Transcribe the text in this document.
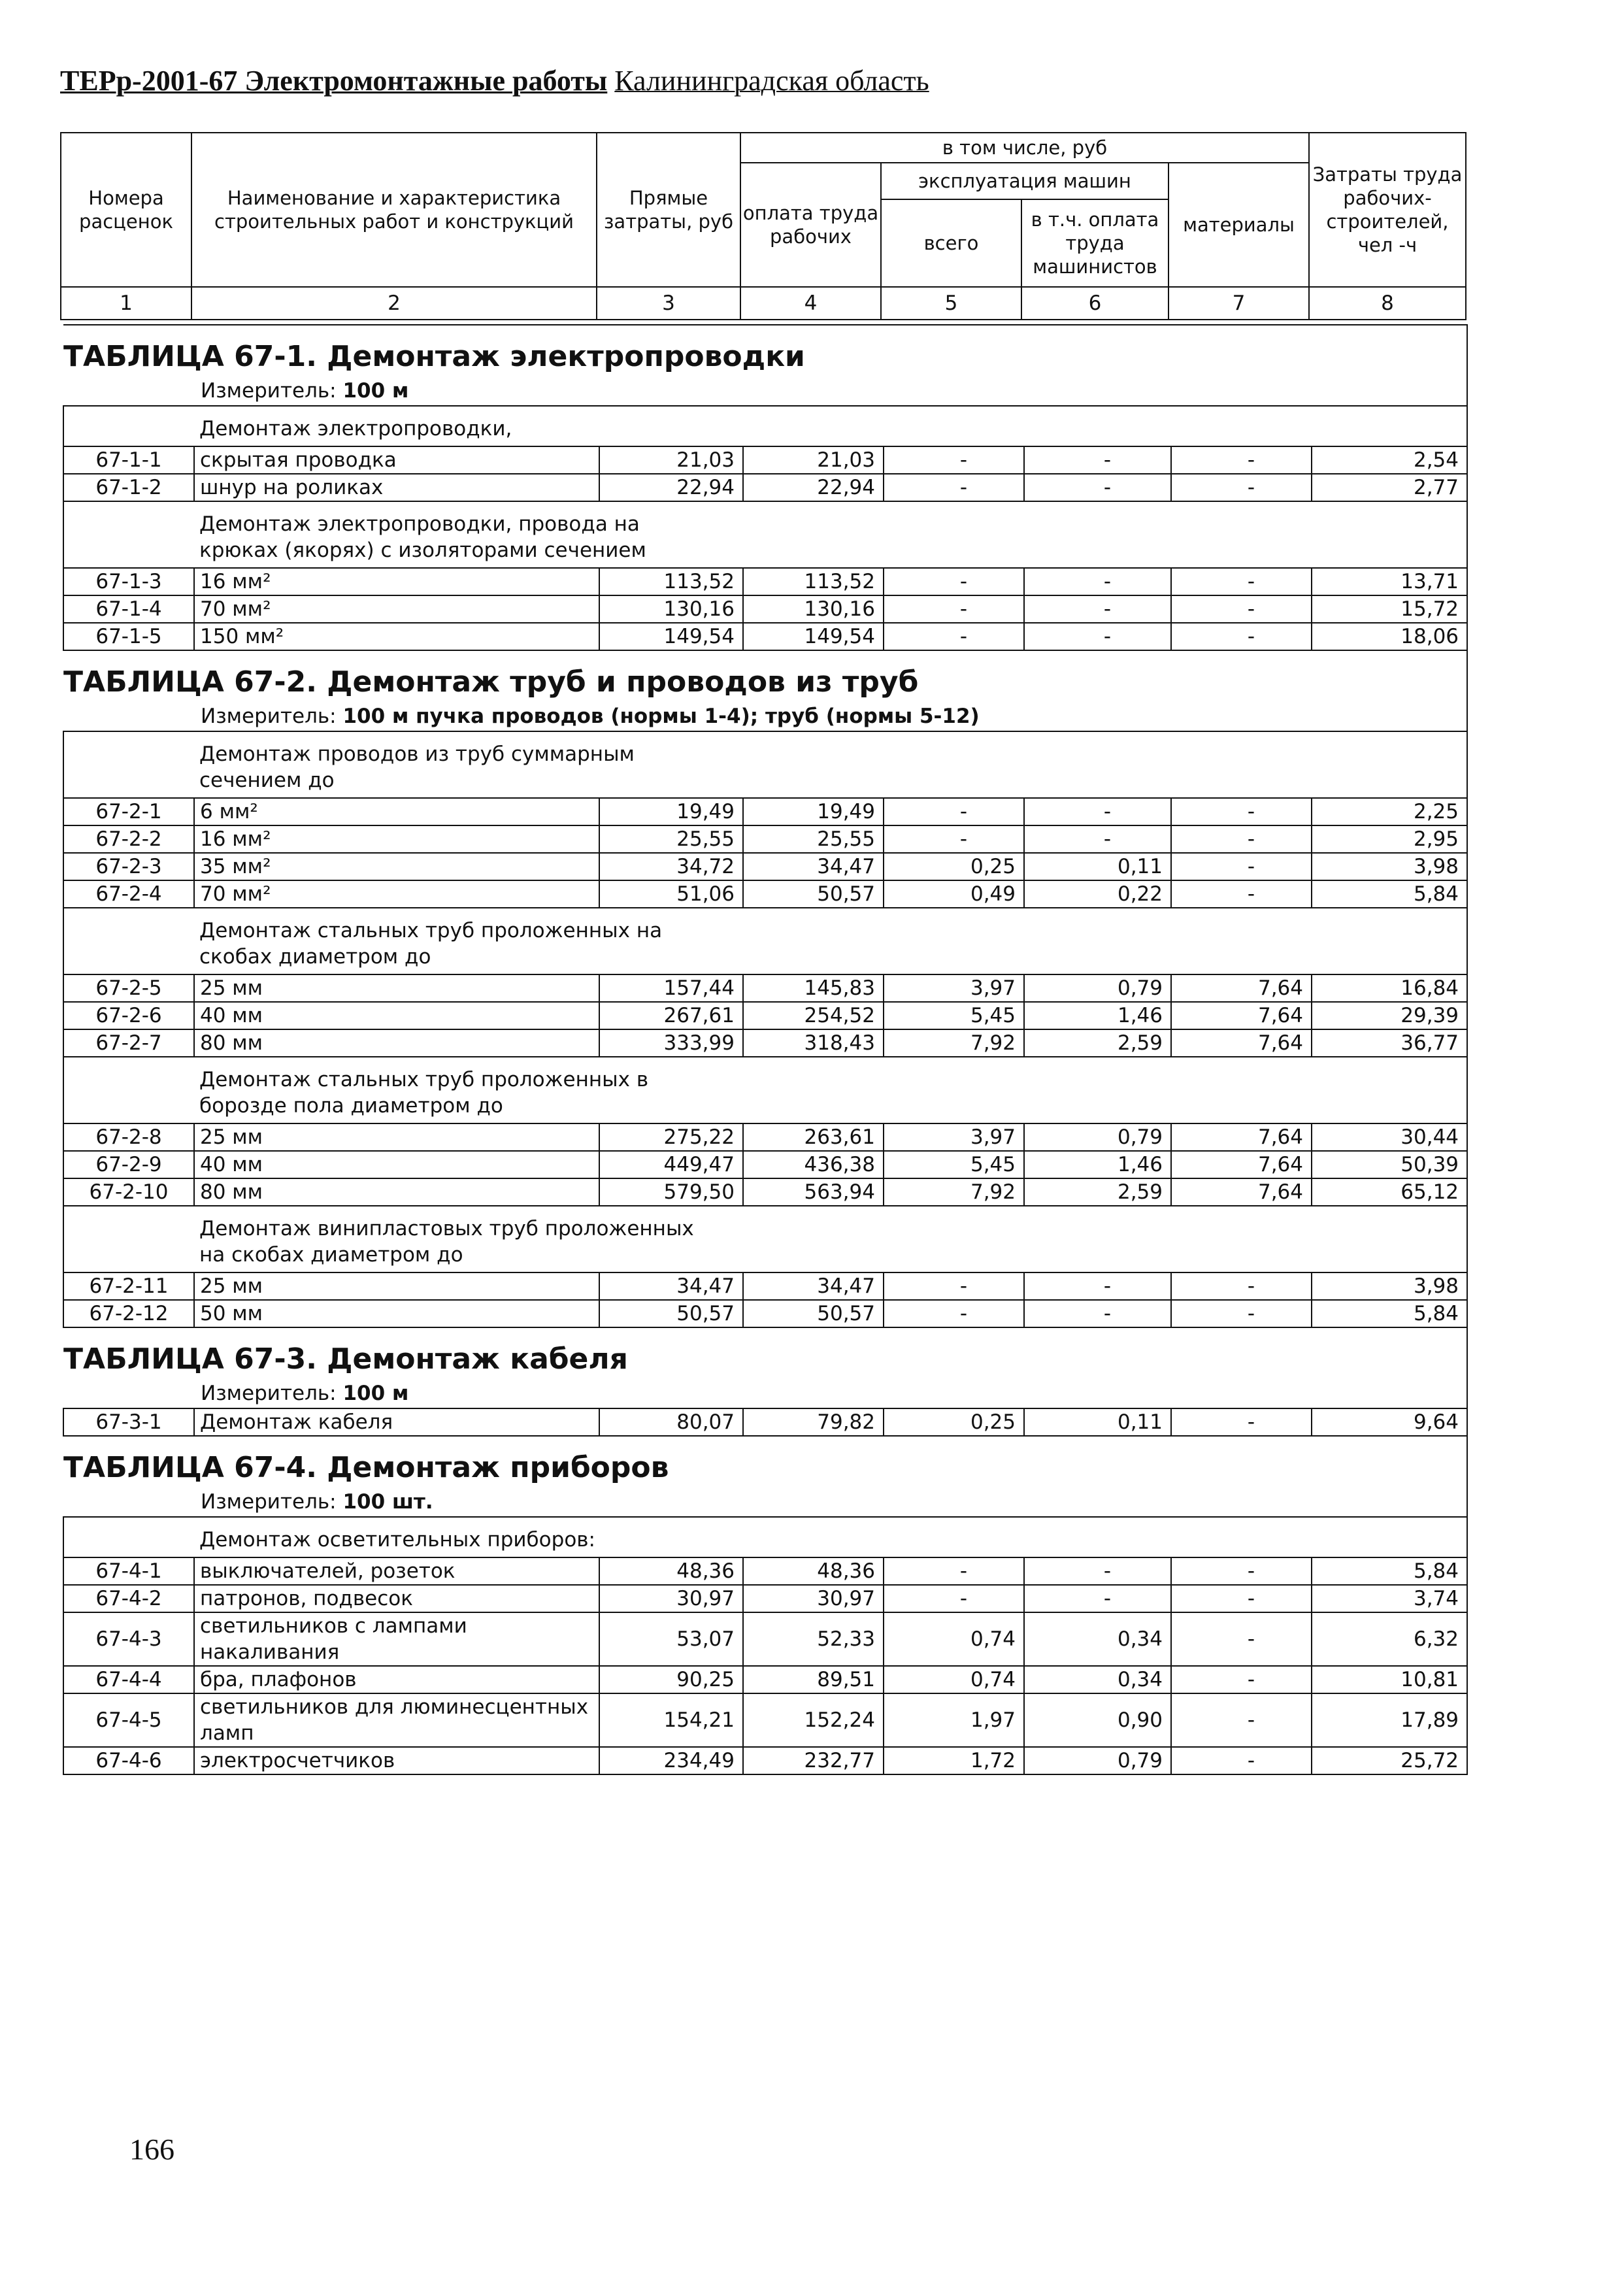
ТЕРр-2001-67 Электромонтажные работы Калининградская область
Номера расценок	Наименование и характеристика строительных работ и конструкций	Прямые затраты, руб	в том числе, руб				Затраты труда рабочих-строителей, чел -ч
			оплата труда рабочих	эксплуатация машин		материалы	
				всего	в т.ч. оплата труда машинистов		
1	2	3	4	5	6	7	8
ТАБЛИЦА 67-1. Демонтаж электропроводки
Измеритель: 100 м							

	Демонтаж электропроводки,						
67-1-1	скрытая проводка	21,03	21,03	-	-	-	2,54
67-1-2	шнур на роликах	22,94	22,94	-	-	-	2,77
	Демонтаж электропроводки, провода на крюках (якорях) с изоляторами сечением						
67-1-3	16 мм²	113,52	113,52	-	-	-	13,71
67-1-4	70 мм²	130,16	130,16	-	-	-	15,72
67-1-5	150 мм²	149,54	149,54	-	-	-	18,06

ТАБЛИЦА 67-2. Демонтаж труб и проводов из труб
Измеритель: 100 м пучка проводов (нормы 1-4); труб (нормы 5-12)							

	Демонтаж проводов из труб суммарным сечением до						
67-2-1	6 мм²	19,49	19,49	-	-	-	2,25
67-2-2	16 мм²	25,55	25,55	-	-	-	2,95
67-2-3	35 мм²	34,72	34,47	0,25	0,11	-	3,98
67-2-4	70 мм²	51,06	50,57	0,49	0,22	-	5,84
	Демонтаж стальных труб проложенных на скобах диаметром до						
67-2-5	25 мм	157,44	145,83	3,97	0,79	7,64	16,84
67-2-6	40 мм	267,61	254,52	5,45	1,46	7,64	29,39
67-2-7	80 мм	333,99	318,43	7,92	2,59	7,64	36,77
	Демонтаж стальных труб проложенных в борозде пола диаметром до						
67-2-8	25 мм	275,22	263,61	3,97	0,79	7,64	30,44
67-2-9	40 мм	449,47	436,38	5,45	1,46	7,64	50,39
67-2-10	80 мм	579,50	563,94	7,92	2,59	7,64	65,12
	Демонтаж винипластовых труб проложенных на скобах диаметром до						
67-2-11	25 мм	34,47	34,47	-	-	-	3,98
67-2-12	50 мм	50,57	50,57	-	-	-	5,84

ТАБЛИЦА 67-3. Демонтаж кабеля
Измеритель: 100 м							

67-3-1	Демонтаж кабеля	80,07	79,82	0,25	0,11	-	9,64

ТАБЛИЦА 67-4. Демонтаж приборов
Измеритель: 100 шт.							

	Демонтаж осветительных приборов:						
67-4-1	выключателей, розеток	48,36	48,36	-	-	-	5,84
67-4-2	патронов, подвесок	30,97	30,97	-	-	-	3,74
67-4-3	светильников с лампами накаливания	53,07	52,33	0,74	0,34	-	6,32
67-4-4	бра, плафонов	90,25	89,51	0,74	0,34	-	10,81
67-4-5	светильников для люминесцентных ламп	154,21	152,24	1,97	0,90	-	17,89
67-4-6	электросчетчиков	234,49	232,77	1,72	0,79	-	25,72
166
